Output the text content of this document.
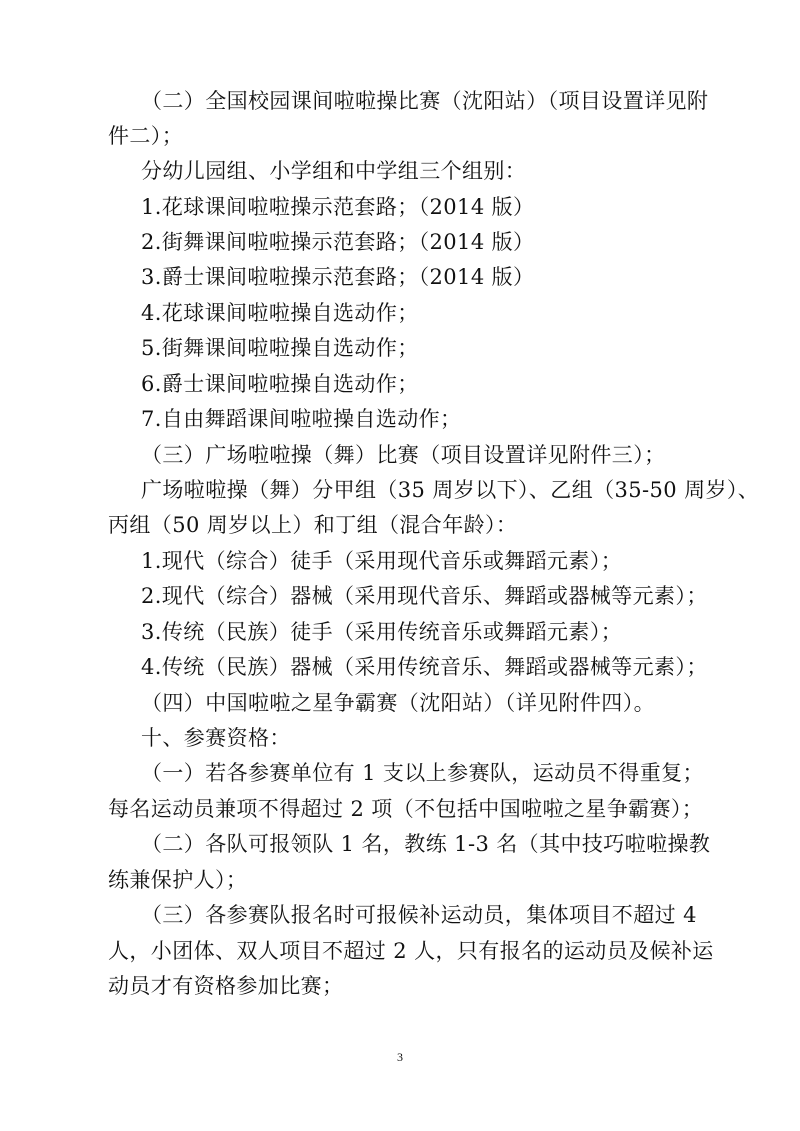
（二）全国校园课间啦啦操比赛（沈阳站）（项目设置详见附
件二）；
分幼儿园组、小学组和中学组三个组别：
1.花球课间啦啦操示范套路；（2014 版）
2.街舞课间啦啦操示范套路；（2014 版）
3.爵士课间啦啦操示范套路；（2014 版）
4.花球课间啦啦操自选动作；
5.街舞课间啦啦操自选动作；
6.爵士课间啦啦操自选动作；
7.自由舞蹈课间啦啦操自选动作；
（三）广场啦啦操（舞）比赛（项目设置详见附件三）；
广场啦啦操（舞）分甲组（35 周岁以下）、乙组（35-50 周岁）、
丙组（50 周岁以上）和丁组（混合年龄）：
1.现代（综合）徒手（采用现代音乐或舞蹈元素）；
2.现代（综合）器械（采用现代音乐、舞蹈或器械等元素）；
3.传统（民族）徒手（采用传统音乐或舞蹈元素）；
4.传统（民族）器械（采用传统音乐、舞蹈或器械等元素）；
（四）中国啦啦之星争霸赛（沈阳站）（详见附件四）。
十、参赛资格：
（一）若各参赛单位有 1 支以上参赛队，运动员不得重复；
每名运动员兼项不得超过 2 项（不包括中国啦啦之星争霸赛）；
（二）各队可报领队 1 名，教练 1-3 名（其中技巧啦啦操教
练兼保护人）；
（三）各参赛队报名时可报候补运动员，集体项目不超过 4
人，小团体、双人项目不超过 2 人，只有报名的运动员及候补运
动员才有资格参加比赛；
3
